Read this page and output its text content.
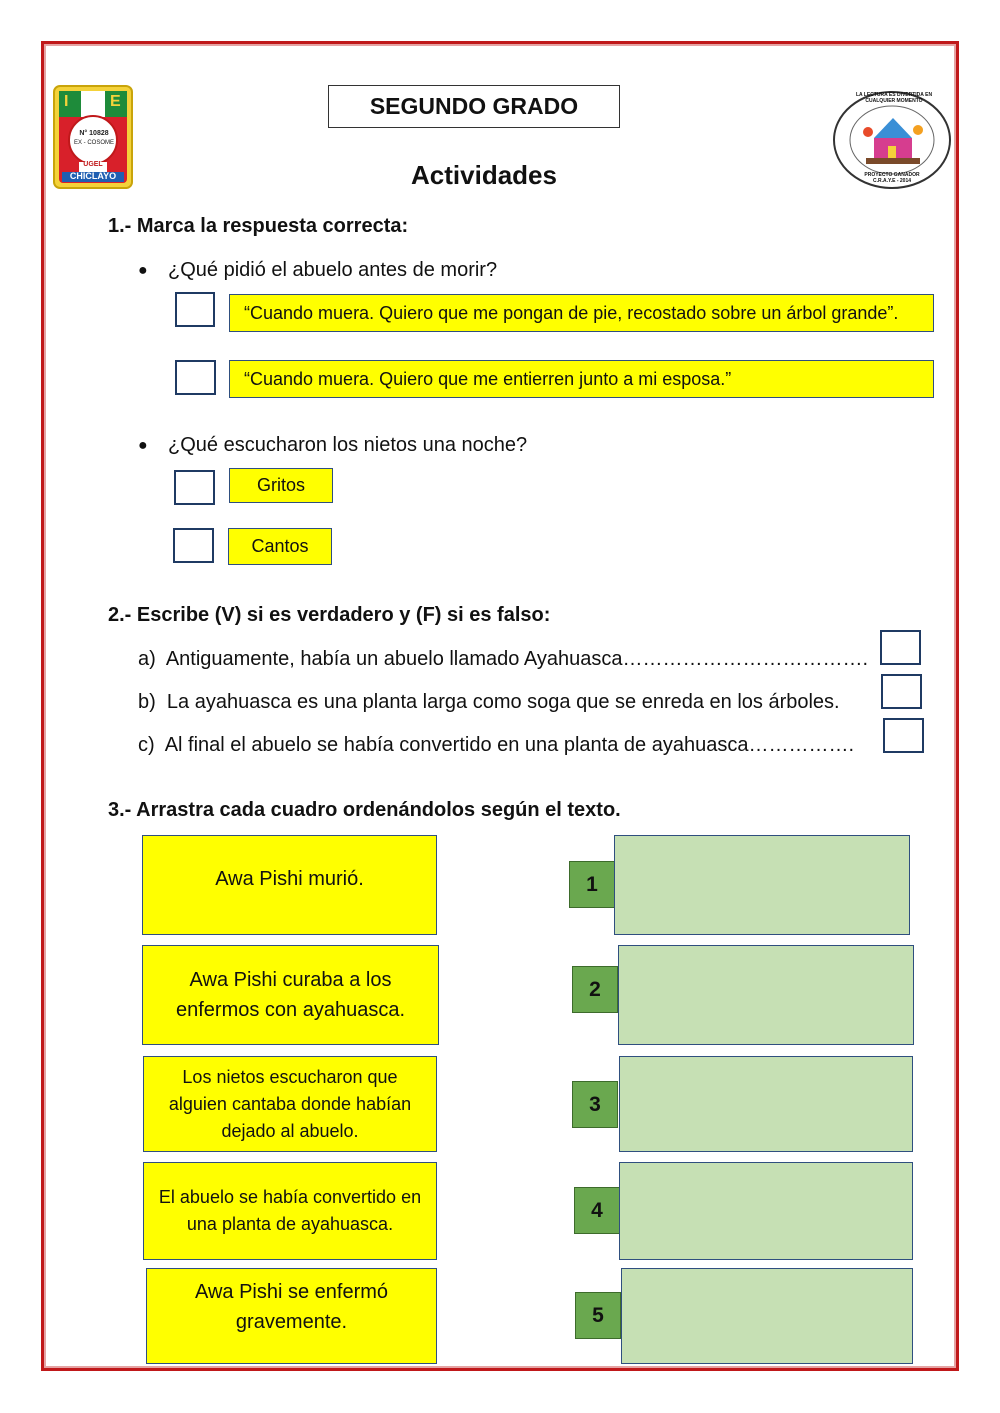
I	E
N° 10828
EX - COSOME
UGEL
CHICLAYO
LA LECTURA ES DIVERTIDA EN CUALQUIER MOMENTO
PROYECTO GANADOR C.R.A.Y.E - 2014
SEGUNDO GRADO
Actividades
1.- Marca la respuesta correcta:
● ¿Qué pidió el abuelo antes de morir?
“Cuando muera. Quiero que me pongan de pie, recostado sobre un árbol grande”.
“Cuando muera. Quiero que me entierren junto a mi esposa.”
● ¿Qué escucharon los nietos una noche?
Gritos
Cantos
2.- Escribe (V) si es verdadero y (F) si es falso:
a) Antiguamente, había un abuelo llamado Ayahuasca……………………………….
b) La ayahuasca es una planta larga como soga que se enreda en los árboles.
c) Al final el abuelo se había convertido en una planta de ayahuasca…………….
3.- Arrastra cada cuadro ordenándolos según el texto.
Awa Pishi murió.
Awa Pishi curaba a los enfermos con ayahuasca.
Los nietos escucharon que alguien cantaba donde habían dejado al abuelo.
El abuelo se había convertido en una planta de ayahuasca.
Awa Pishi se enfermó gravemente.
1
2
3
4
5
